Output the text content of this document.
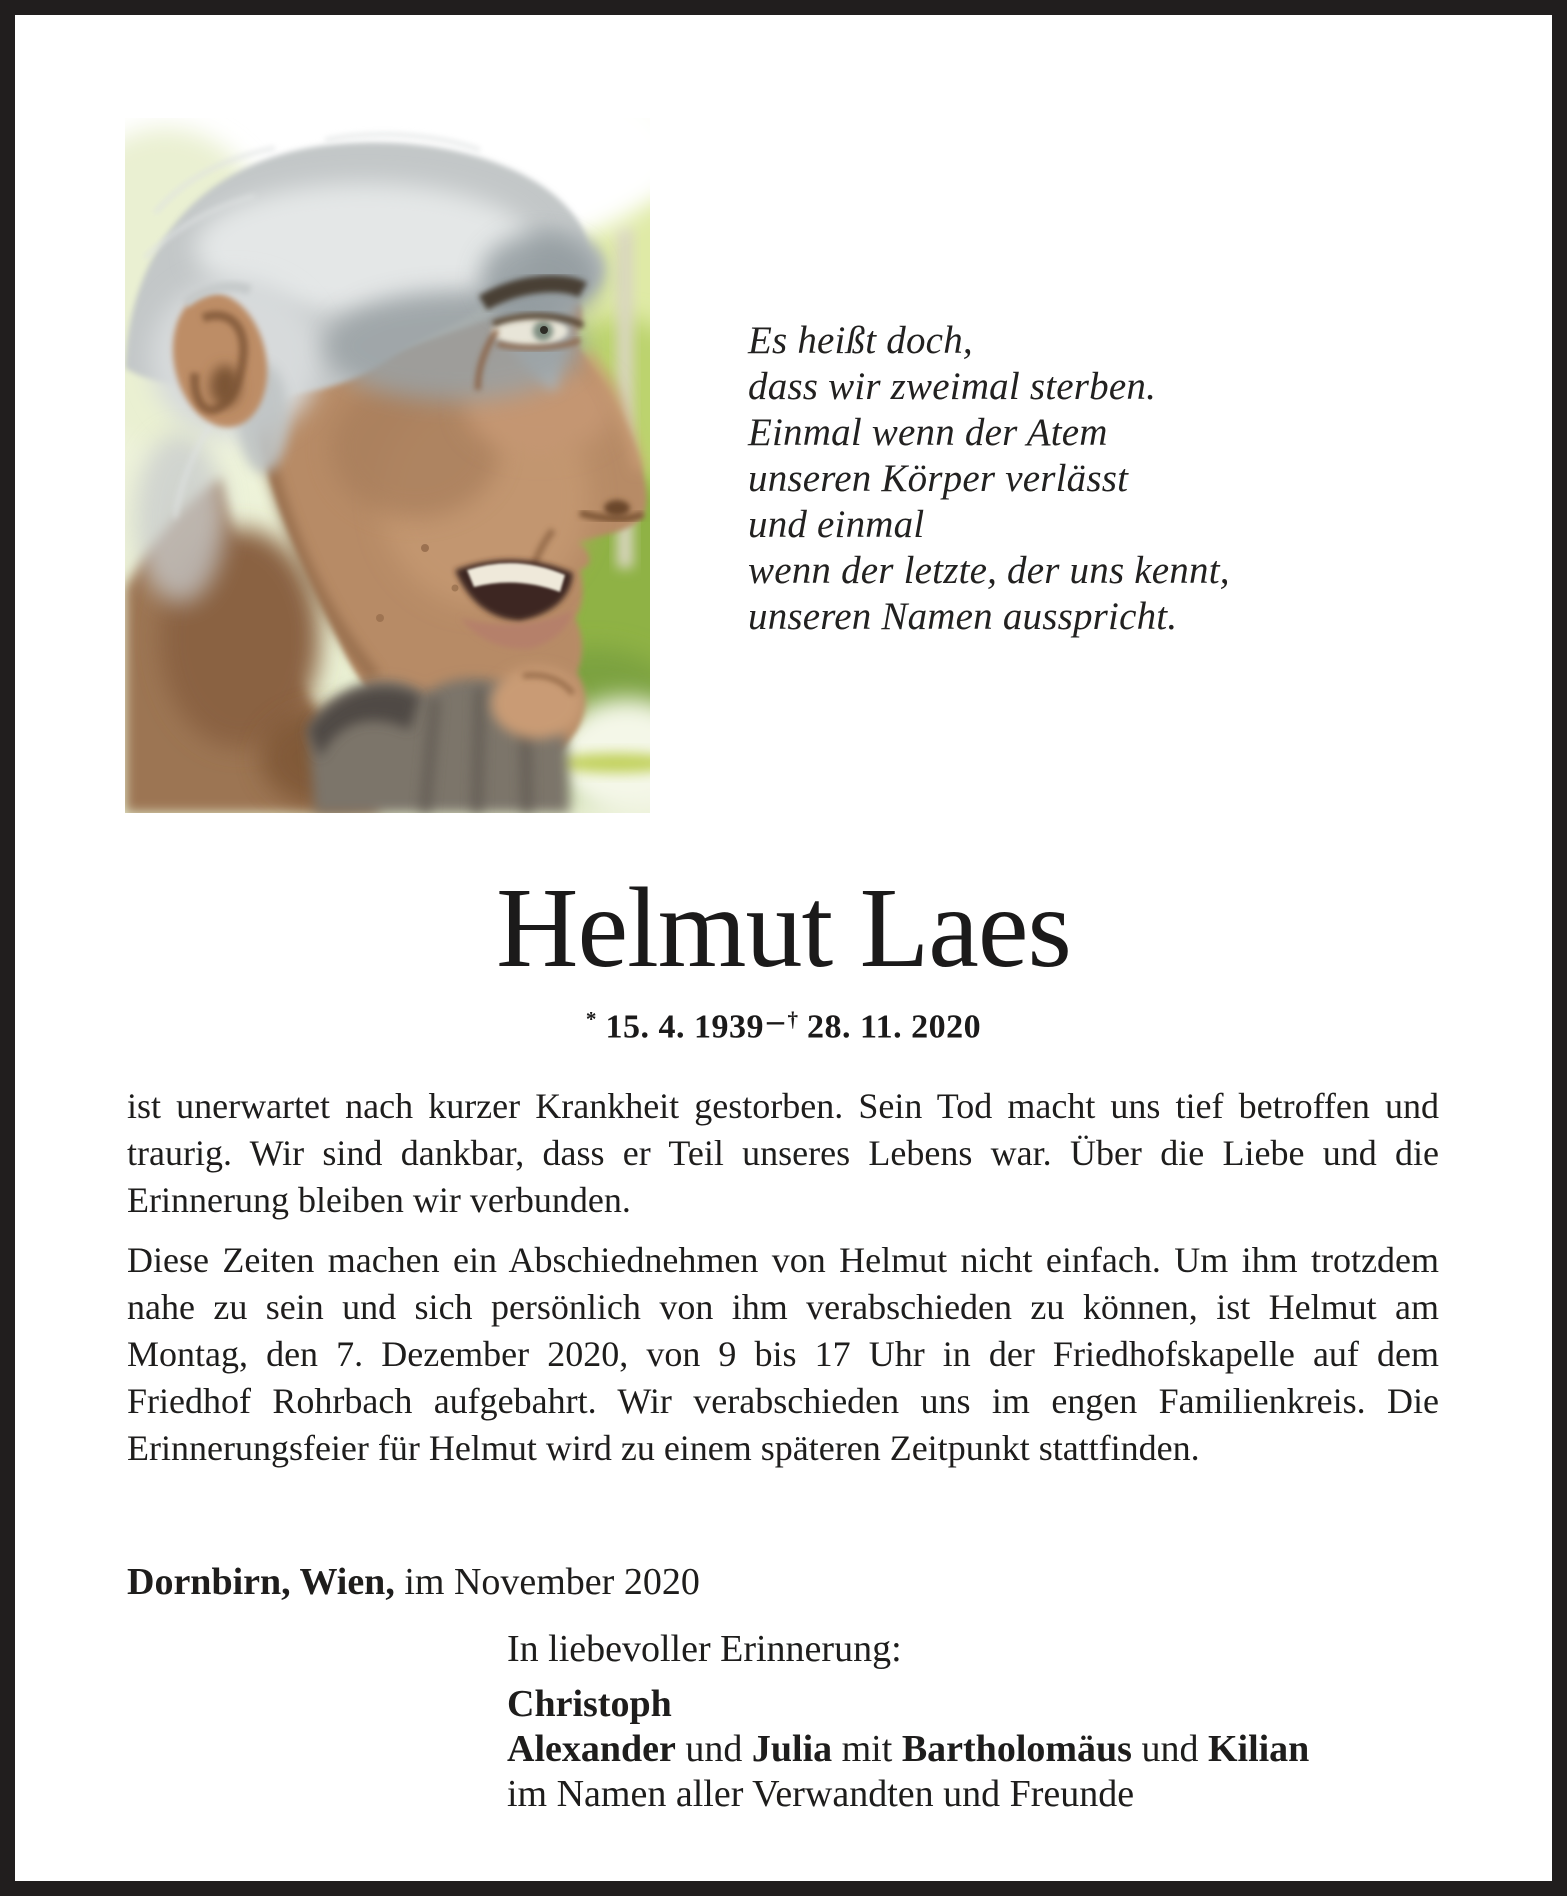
Es heißt doch,
dass wir zweimal sterben.
Einmal wenn der Atem
unseren Körper verlässt
und einmal
wenn der letzte, der uns kennt,
unseren Namen ausspricht.
Helmut Laes
* 15. 4. 1939– † 28. 11. 2020

ist unerwartet nach kurzer Krankheit gestorben. Sein Tod macht uns tief betroffen und traurig. Wir sind dankbar, dass er Teil unseres Lebens war. Über die Liebe und die Erinnerung bleiben wir verbunden.

Diese Zeiten machen ein Abschiednehmen von Helmut nicht einfach. Um ihm trotzdem nahe zu sein und sich persönlich von ihm verabschieden zu können, ist Helmut am Montag, den 7. Dezember 2020, von 9 bis 17 Uhr in der Friedhofskapelle auf dem Friedhof Rohrbach aufgebahrt. Wir verabschieden uns im engen Familienkreis. Die Erinnerungsfeier für Helmut wird zu einem späteren Zeitpunkt stattfinden.

Dornbirn, Wien, im November 2020
In liebevoller Erinnerung:
Christoph
Alexander und Julia mit Bartholomäus und Kilian
im Namen aller Verwandten und Freunde
